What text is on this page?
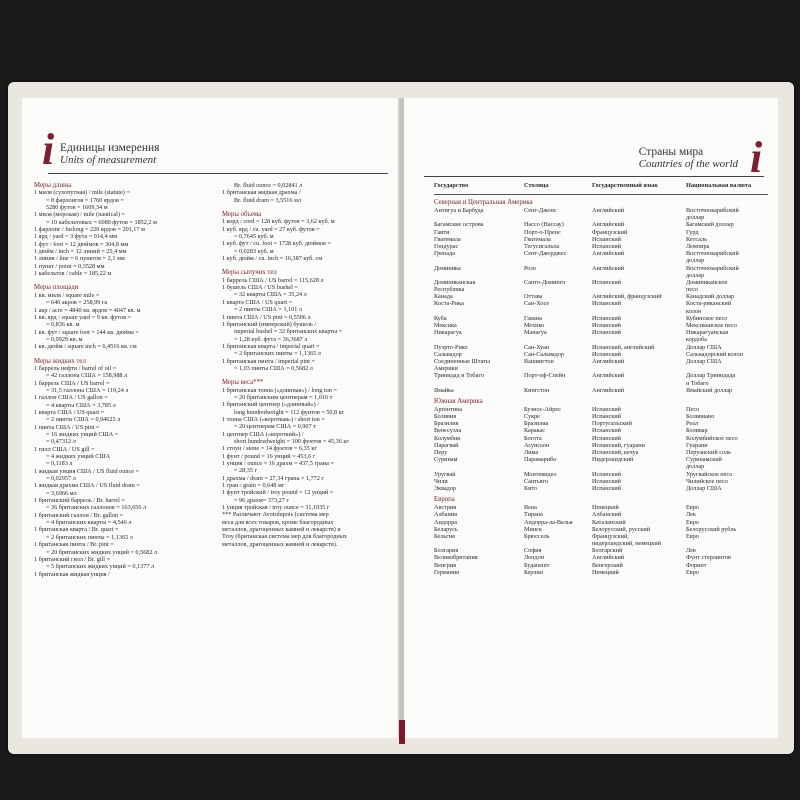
i Единицы измерения
Units of measurement
Меры длины
1 миля (сухопутная) / mile (statute) =
= 8 фарлонгов = 1760 ярдов =
5280 футов = 1609,34 м
1 миля (морская) / mile (nautical) =
= 10 кабельтовых = 6080 футов = 1852,2 м
1 фарлонг / furlong = 220 ярдов = 201,17 м
1 ярд / yard = 3 фута = 914,4 мм
1 фут / foot = 12 дюймов = 304,8 мм
1 дюйм / inch = 12 линий = 25,4 мм
1 линия / line = 6 пунктов = 2,1 мм
1 пункт / point = 0,3528 мм
1 кабельтов / cable = 185,22 м
Меры площади
1 кв. миля / square mile =
= 640 акров = 258,99 га
1 акр / acre = 4840 кв. ярдов = 4047 кв. м
1 кв. ярд / square yard = 9 кв. футов =
= 0,836 кв. м
1 кв. фут / square foot = 144 кв. дюйма =
= 0,0929 кв. м
1 кв. дюйм / square inch = 6,4516 кв. см
Меры жидких тел
1 баррель нефти / barrel of oil =
= 42 галлона США = 158,988 л
1 баррель США / US barrel =
= 31,5 галлона США = 119,24 л
1 галлон США / US gallon =
= 4 кварты США = 3,785 л
1 кварта США / US quart =
= 2 пинты США = 0,94625 л
1 пинта США / US pint =
= 16 жидких унций США =
= 0,47312 л
1 гилл США / US gill =
= 4 жидких унций США
= 0,1183 л
1 жидкая унция США / US fluid ounce =
= 0,02957 л
1 жидкая драхма США / US fluid dram =
= 3,6966 мл
1 британский баррель / Br. barrel =
= 36 британских галлонов = 163,656 л
1 британский галлон / Br. gallon =
= 4 британских кварты = 4,546 л
1 британская кварта / Br. quart =
= 2 британских пинты = 1,1365 л
1 британская пинта / Br. pint =
= 20 британских жидких унций = 0,5682 л
1 британский гилл / Br. gill =
= 5 британских жидких унций = 0,1377 л
1 британская жидкая унция /
Br. fluid ounce = 0,02841 л
1 британская жидкая драхма /
Br. fluid dram = 3,5516 мл
Меры объема
1 корд / cord = 128 куб. футов = 3,62 куб. м
1 куб. ярд / cu. yard = 27 куб. футов =
= 0,7645 куб. м
1 куб. фут / cu. foot = 1728 куб. дюймов =
= 0,0283 куб. м
1 куб. дюйм / cu. inch = 16,387 куб. см
Меры сыпучих тел
1 баррель США / US barrel = 115,628 л
1 бушель США / US bushel =
= 32 кварты США = 35,24 л
1 кварта США / US quart =
= 2 пинты США = 1,101 л
1 пинта США / US pint = 0,5506 л
1 британский (имперский) бушель /
imperial bushel = 32 британских кварты =
= 1,28 куб. фута = 36,3687 л
1 британская кварта / imperial quart =
= 2 британских пинты = 1,1365 л
1 британская пинта / imperial pint =
= 1,03 пинты США = 0,5682 л
Меры веса***
1 британская тонна («длинная») / long ton =
= 20 британским центнерам = 1,016 т
1 британский центнер («длинный») /
long hundredweight = 112 фунтов = 50,8 кг
1 тонна США («короткая») / short ton =
= 20 центнерам США = 0,907 т
1 центнер США («короткий») /
short hundredweight = 100 фунтов = 45,36 кг
1 стоун / stone = 14 фунтов = 6,35 кг
1 фунт / pound = 16 унций = 453,6 г
1 унция / ounce = 16 драхм = 437,5 грана =
= 28,35 г
1 драхма / dram = 27,34 грана = 1,772 г
1 гран / grain = 0,648 мг
1 фунт тройский / troy pound = 12 унций =
= 96 драхм= 373,27 г
1 унция тройская / troy ounce = 31,1035 г
*** Различают Avoirdupois (система мер
веса для всех товаров, кроме благородных
металлов, драгоценных камней и лекарств) и
Troy (британская система мер для благородных
металлов, драгоценных камней и лекарств).
i
Страны мира
Countries of the world
Государство	Столица	Государственный язык	Национальная валюта
Северная и Центральная Америка
Антигуа и Барбуда	Сент-Джонс	Английский	Восточнокарибский
доллар
Багамские острова	Нассо (Нассау)	Английский	Багамский доллар
Гаити	Порт-о-Пренс	Французский	Гурд
Гватемала	Гватемала	Испанский	Кетсаль
Гондурас	Тегусигальпа	Испанский	Лемпира
Гренада	Сент-Джорджес	Английский	Восточнокарибский
доллар
Доминика	Розо	Английский	Восточнокарибский
доллар
Доминиканская	Санто-Доминго	Испанский	Доминиканское
Республика	песо
Канада	Оттава	Английский, французский	Канадский доллар
Коста-Рика	Сан-Хосе	Испанский	Коста-риканский
колон
Куба	Гавана	Испанский	Кубинское песо
Мексика	Мехико	Испанский	Мексиканское песо
Никарагуа	Манагуа	Испанский	Никарагуанская
кордоба
Пуэрто-Рико	Сан-Хуан	Испанский, английский	Доллар США
Сальвадор	Сан-Сальвадор	Испанский	Сальвадорский колон
Соединенные Штаты	Вашингтон	Английский	Доллар США
Америки
Тринидад и Тобаго	Порт-оф-Спейн	Английский	Доллар Тринидада
и Тобаго
Ямайка	Кингстон	Английский	Ямайский доллар
Южная Америка
Аргентина	Буэнос-Айрес	Испанский	Песо
Боливия	Сукре	Испанский	Боливиано
Бразилия	Бразилиа	Португальский	Реал
Венесуэла	Каракас	Испанский	Боливар
Колумбия	Богота	Испанский	Колумбийское песо
Парагвай	Асунсьон	Испанский, гуарани	Гуарани
Перу	Лима	Испанский, кечуа	Перуанский соль
Суринам	Парамарибо	Нидерландский	Суринамский
доллар
Уругвай	Монтевидео	Испанский	Уругвайское песо
Чили	Сантьяго	Испанский	Чилийское песо
Эквадор	Кито	Испанский	Доллар США
Европа
Австрия	Вена	Немецкий	Евро
Албания	Тирана	Албанский	Лек
Андорра	Андорра-ла-Велья	Каталанский	Евро
Беларусь	Минск	Белорусский, русский	Белорусский рубль
Бельгия	Брюссель	Французский,	Евро
нидерландский, немецкий
Болгария	София	Болгарский	Лев
Великобритания	Лондон	Английский	Фунт стерлингов
Венгрия	Будапешт	Венгерский	Форинт
Германия	Берлин	Немецкий	Евро
